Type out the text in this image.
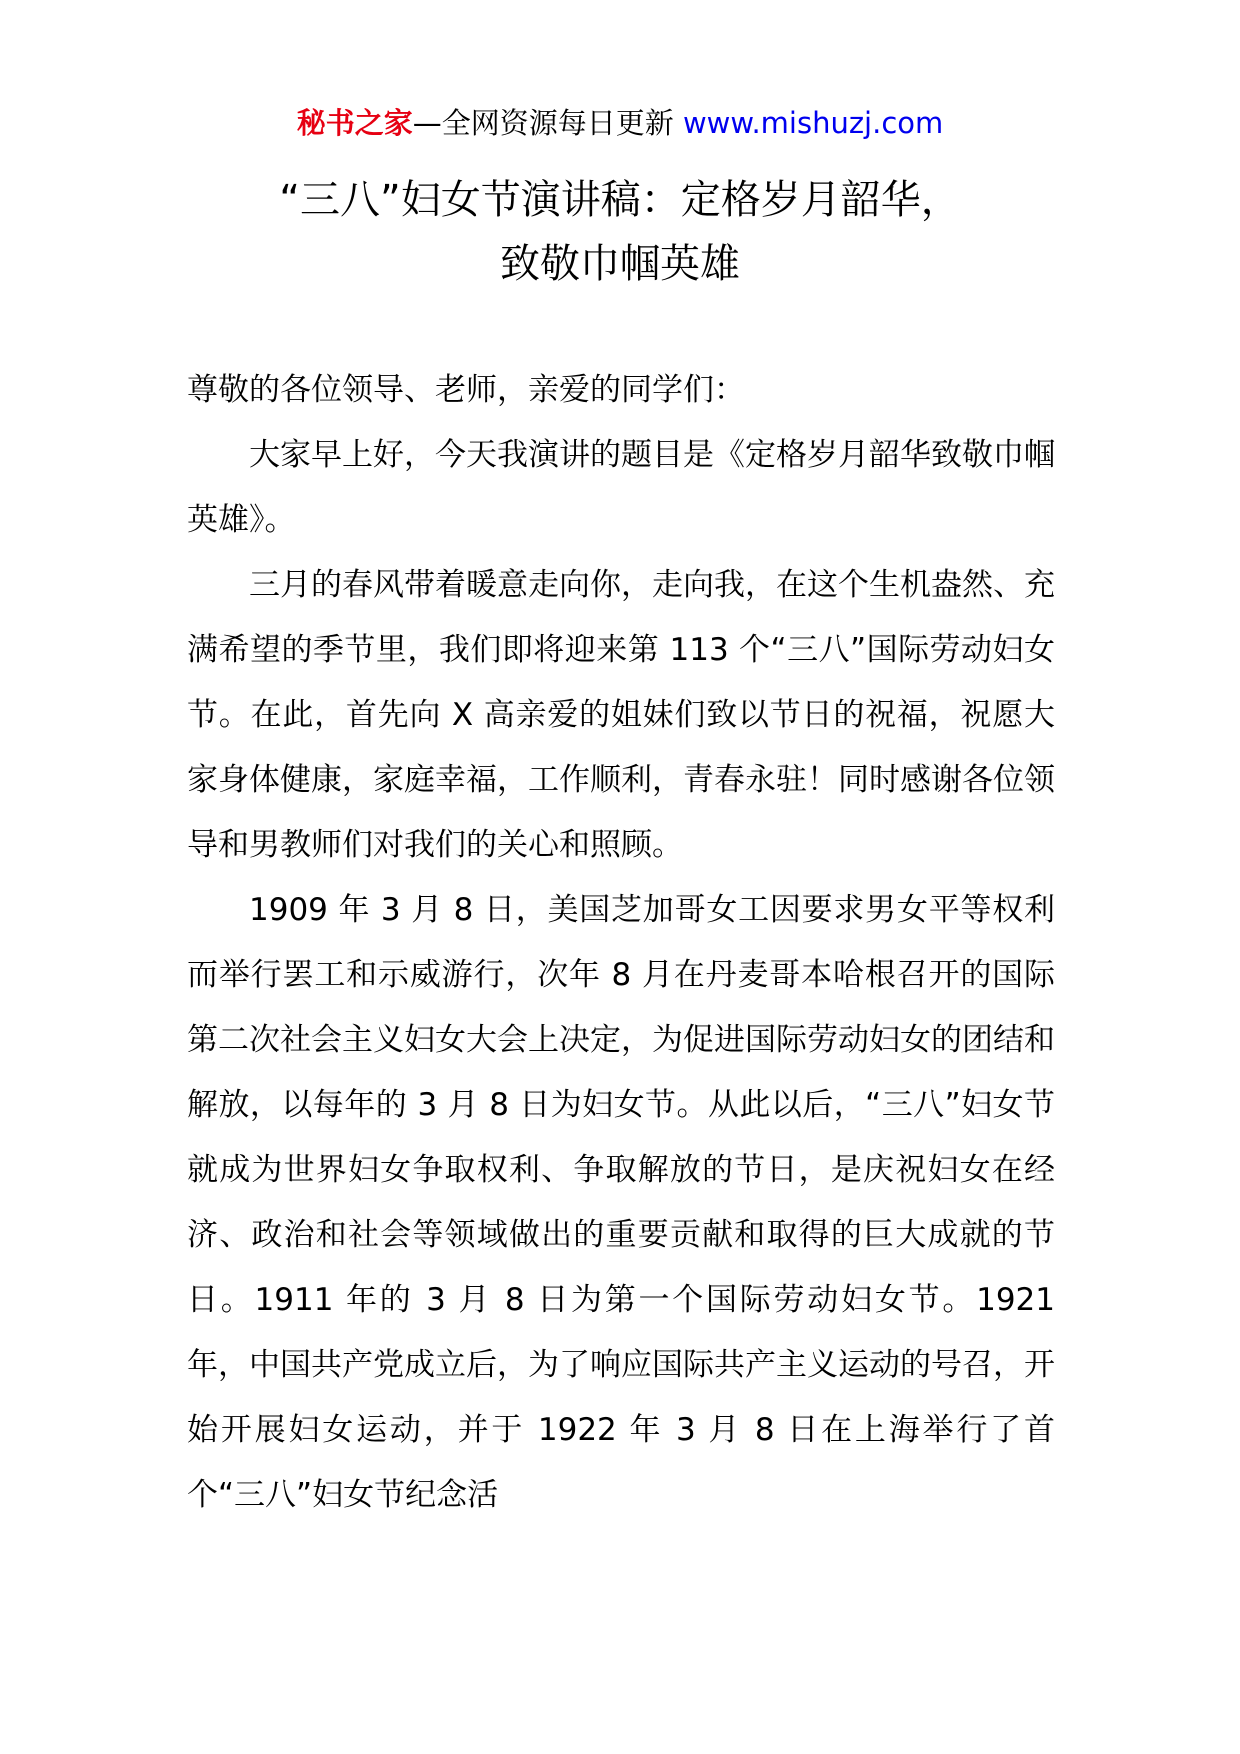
秘书之家—全网资源每日更新 www.mishuzj.com
“三八”妇女节演讲稿：定格岁月韶华，
致敬巾帼英雄

尊敬的各位领导、老师，亲爱的同学们：

大家早上好，今天我演讲的题目是《定格岁月韶华致敬巾帼英雄》。

三月的春风带着暖意走向你，走向我，在这个生机盎然、充满希望的季节里，我们即将迎来第 113 个“三八”国际劳动妇女节。在此，首先向 X 高亲爱的姐妹们致以节日的祝福，祝愿大家身体健康，家庭幸福，工作顺利，青春永驻！同时感谢各位领导和男教师们对我们的关心和照顾。

1909 年 3 月 8 日，美国芝加哥女工因要求男女平等权利而举行罢工和示威游行，次年 8 月在丹麦哥本哈根召开的国际第二次社会主义妇女大会上决定，为促进国际劳动妇女的团结和解放，以每年的 3 月 8 日为妇女节。从此以后，“三八”妇女节就成为世界妇女争取权利、争取解放的节日，是庆祝妇女在经济、政治和社会等领域做出的重要贡献和取得的巨大成就的节日。1911 年的 3 月 8 日为第一个国际劳动妇女节。1921 年，中国共产党成立后，为了响应国际共产主义运动的号召，开始开展妇女运动，并于 1922 年 3 月 8 日在上海举行了首个“三八”妇女节纪念活
